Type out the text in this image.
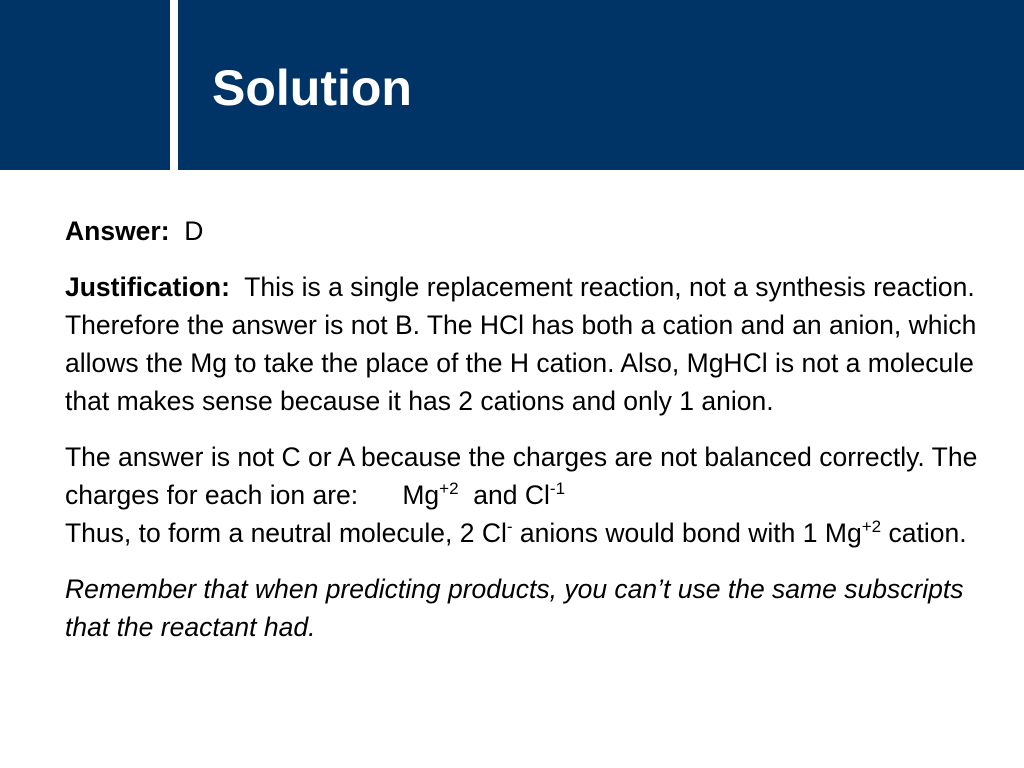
Solution

Answer: D

Justification: This is a single replacement reaction, not a synthesis reaction. Therefore the answer is not B. The HCl has both a cation and an anion, which allows the Mg to take the place of the H cation. Also, MgHCl is not a molecule that makes sense because it has 2 cations and only 1 anion.

The answer is not C or A because the charges are not balanced correctly. The charges for each ion are: $Mg^{+2}$ and $Cl^{-1}$
Thus, to form a neutral molecule, 2 Cl- anions would bond with 1 $Mg^{+2}$ cation.

Remember that when predicting products, you can’t use the same subscripts that the reactant had.
